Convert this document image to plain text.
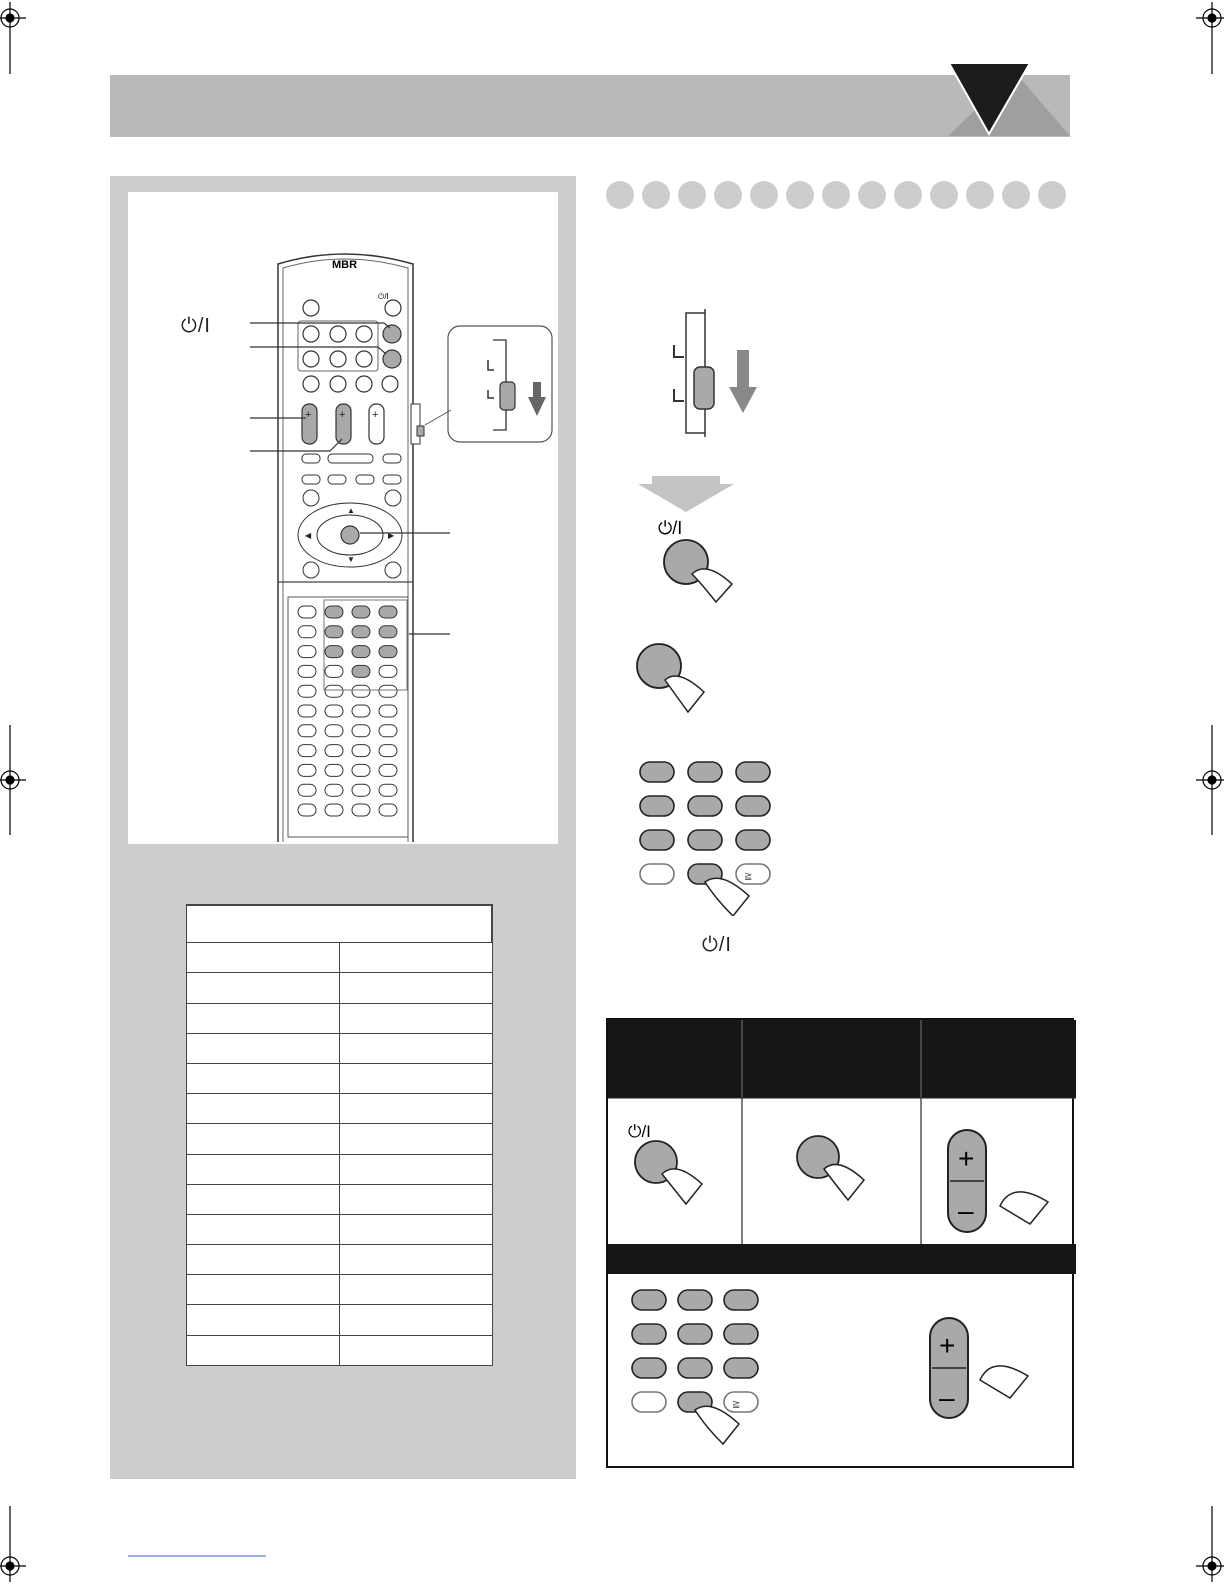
MBR
⏻/I
+	+ +
▲
▼
◀	▶
⏻/I

⏻/I
≧
⏻/I
⏻/I
+
–
+
–
≧
